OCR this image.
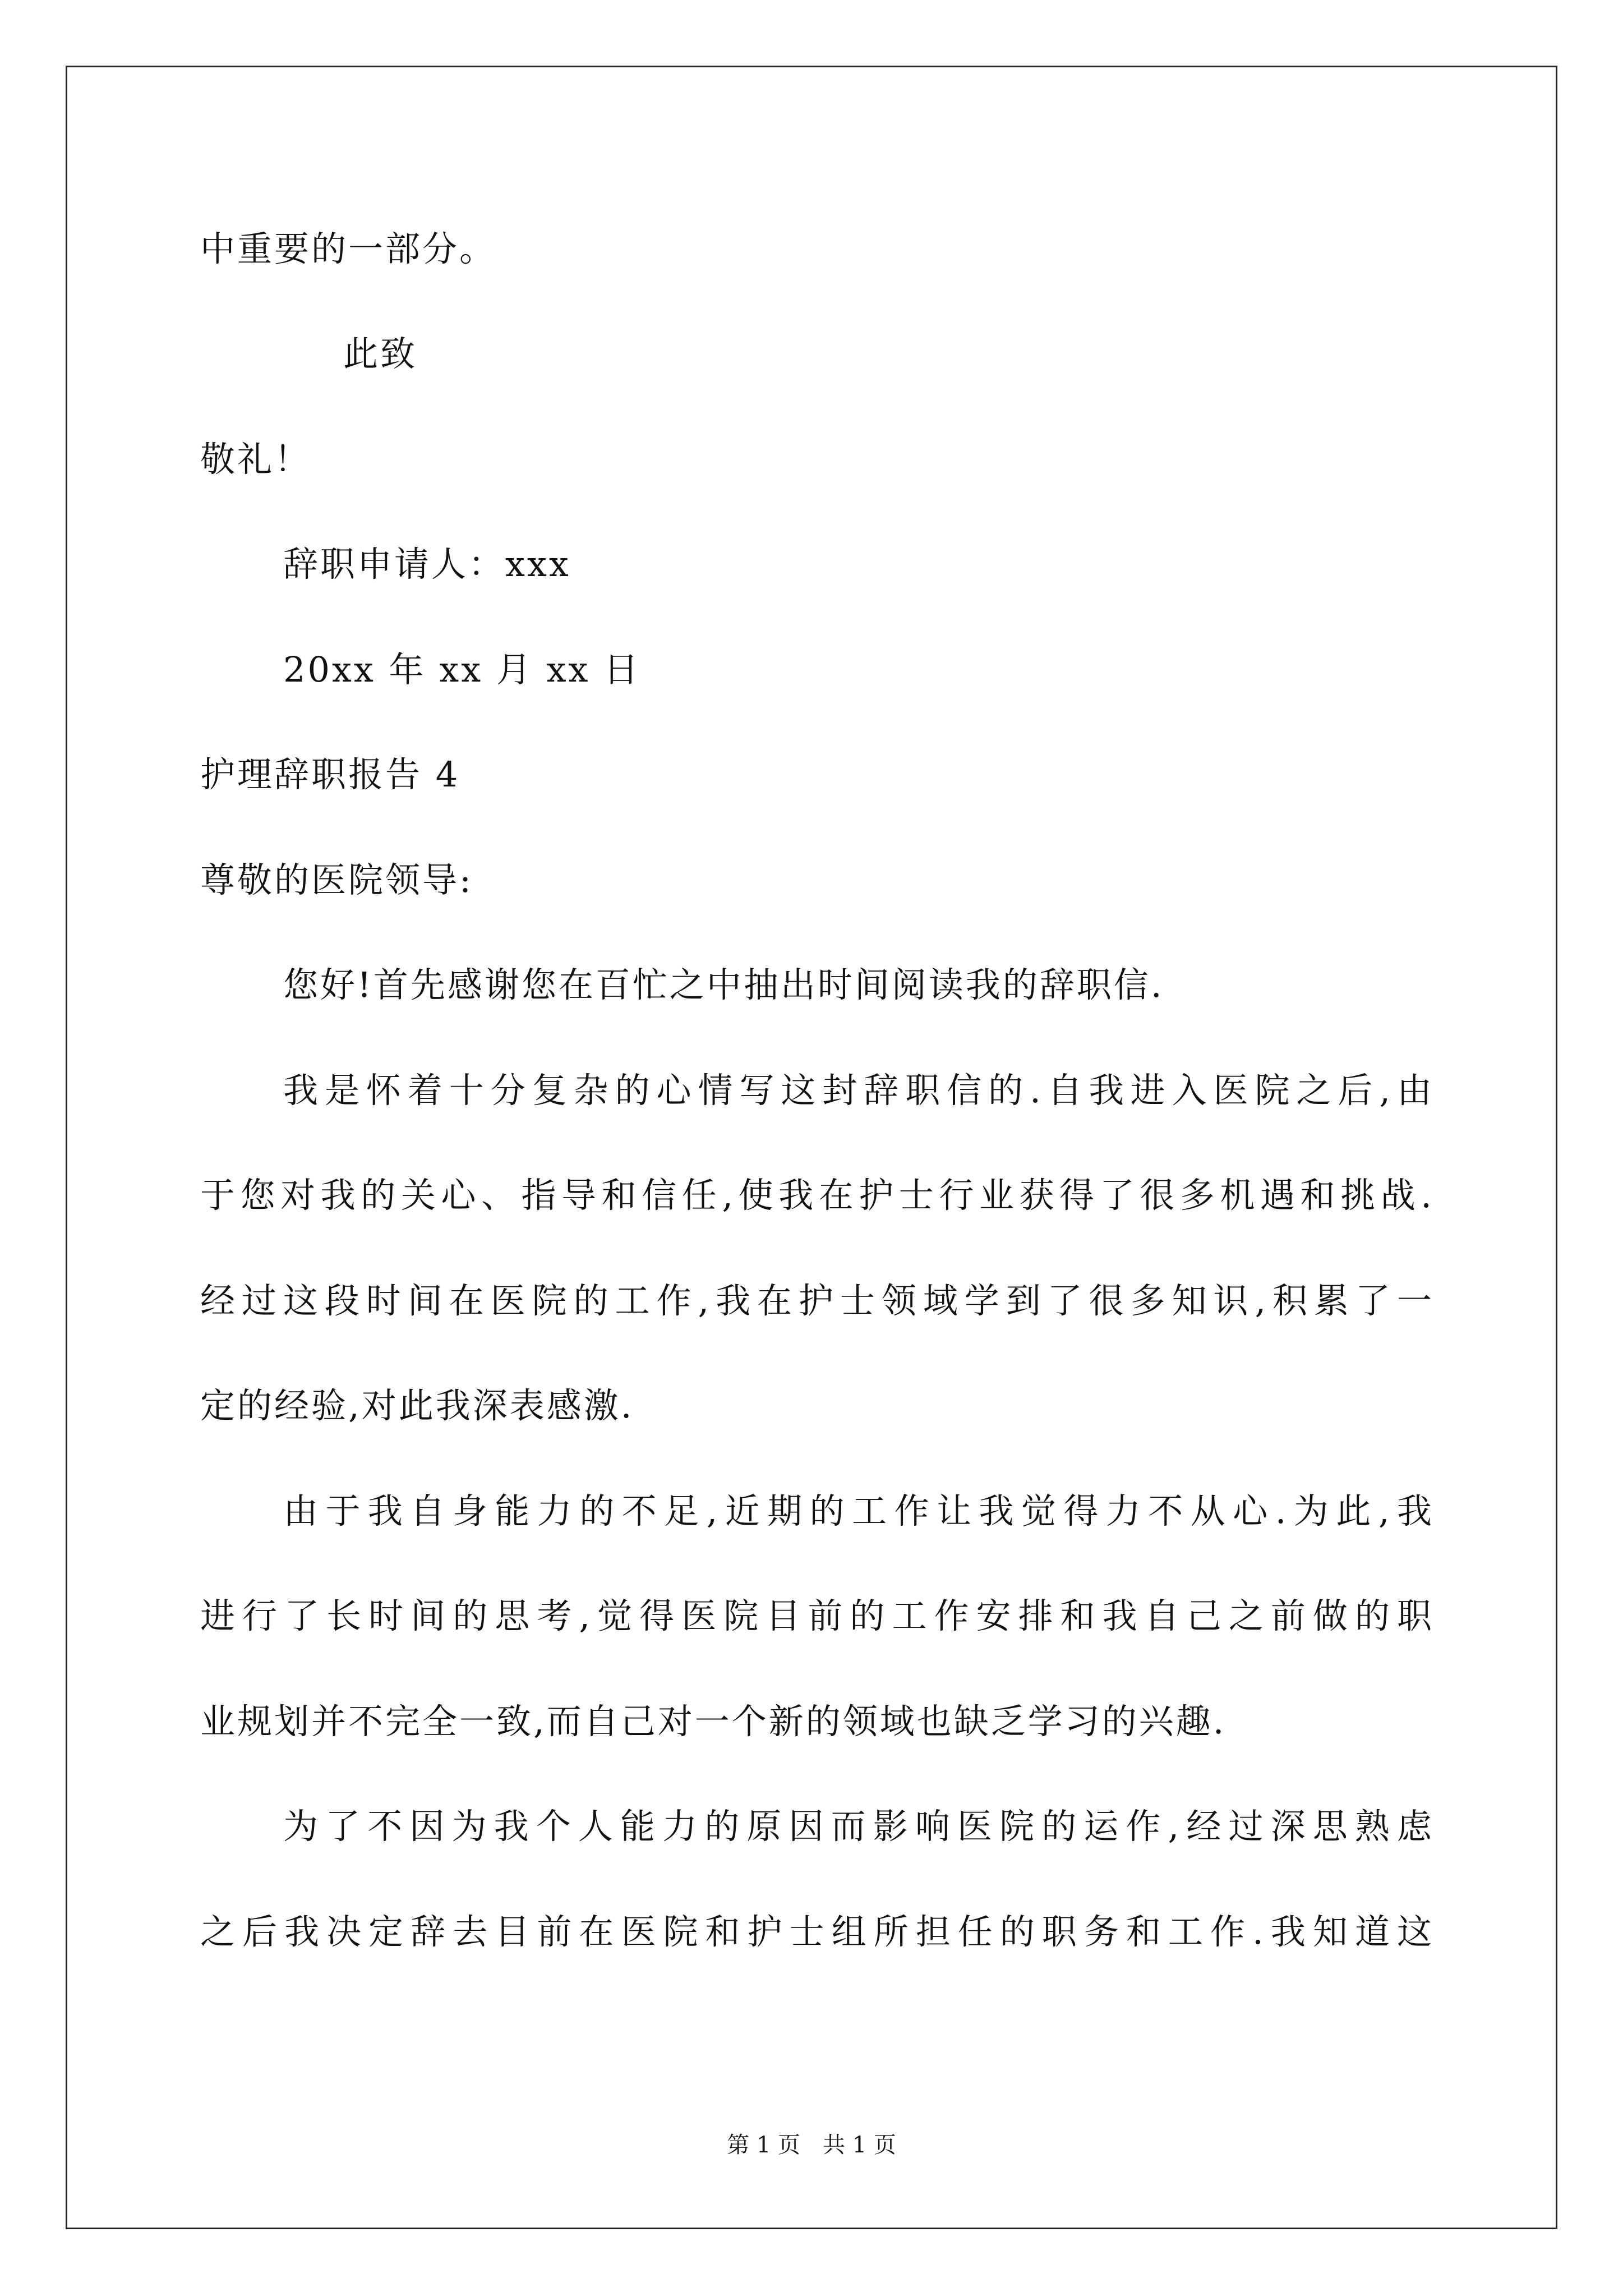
中重要的一部分。
此致
敬礼！
辞职申请人：xxx
20xx 年 xx 月 xx 日
护理辞职报告 4
尊敬的医院领导:
您好!首先感谢您在百忙之中抽出时间阅读我的辞职信.
我是怀着十分复杂的心情写这封辞职信的.自我进入医院之后,由
于您对我的关心、指导和信任,使我在护士行业获得了很多机遇和挑战.
经过这段时间在医院的工作,我在护士领域学到了很多知识,积累了一
定的经验,对此我深表感激.
由于我自身能力的不足,近期的工作让我觉得力不从心.为此,我
进行了长时间的思考,觉得医院目前的工作安排和我自己之前做的职
业规划并不完全一致,而自己对一个新的领域也缺乏学习的兴趣.
为了不因为我个人能力的原因而影响医院的运作,经过深思熟虑
之后我决定辞去目前在医院和护士组所担任的职务和工作.我知道这
第 1 页 共 1 页
